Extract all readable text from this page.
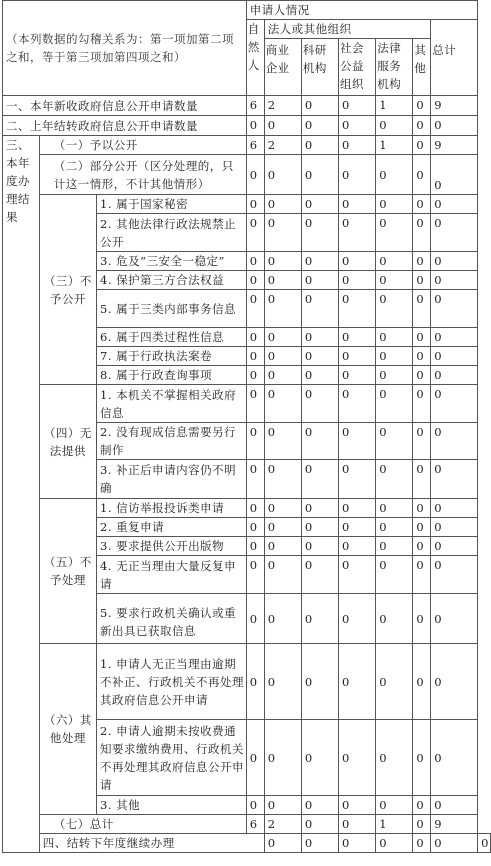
（本列数据的勾稽关系为：第一项加第二项之和，等于第三项加第四项之和）			申请人情况							
			自然人	法人或其他组织					总计	
				商业企业	科研机构	社会公益组织	法律服务机构	其他		
一、本年新收政府信息公开申请数量			6	2	0	0	1	0	9	
二、上年结转政府信息公开申请数量			0	0	0	0	0	0	0	
三、本年度办理结果	（一）予以公开		6	2	0	0	1	0	9	
	（二）部分公开（区分处理的，只计这一情形，不计其他情形）		0	0	0	0	0	0	0	
	（三）不予公开	1. 属于国家秘密	0	0	0	0	0	0	0	
		2. 其他法律行政法规禁止公开	0	0	0	0	0	0	0	
		3. 危及“三安全一稳定”	0	0	0	0	0	0	0	
		4. 保护第三方合法权益	0	0	0	0	0	0	0	
		5. 属于三类内部事务信息	0	0	0	0	0	0	0	
		6. 属于四类过程性信息	0	0	0	0	0	0	0	
		7. 属于行政执法案卷	0	0	0	0	0	0	0	
		8. 属于行政查询事项	0	0	0	0	0	0	0	
	（四）无法提供	1. 本机关不掌握相关政府信息	0	0	0	0	0	0	0	
		2. 没有现成信息需要另行制作	0	0	0	0	0	0	0	
		3. 补正后申请内容仍不明确	0	0	0	0	0	0	0	
	（五）不予处理	1. 信访举报投诉类申请	0	0	0	0	0	0	0	
		2. 重复申请	0	0	0	0	0	0	0	
		3. 要求提供公开出版物	0	0	0	0	0	0	0	
		4. 无正当理由大量反复申请	0	0	0	0	0	0	0	
		5. 要求行政机关确认或重新出具已获取信息	0	0	0	0	0	0	0	
	（六）其他处理	1. 申请人无正当理由逾期不补正、行政机关不再处理其政府信息公开申请	0	0	0	0	0	0	0	
		2. 申请人逾期未按收费通知要求缴纳费用、行政机关不再处理其政府信息公开申请	0	0	0	0	0	0	0	
		3. 其他	0	0	0	0	0	0	0	
	（七）总计		6	2	0	0	1	0	9	
	四、结转下年度继续办理			0	0	0	0	0	0	0
